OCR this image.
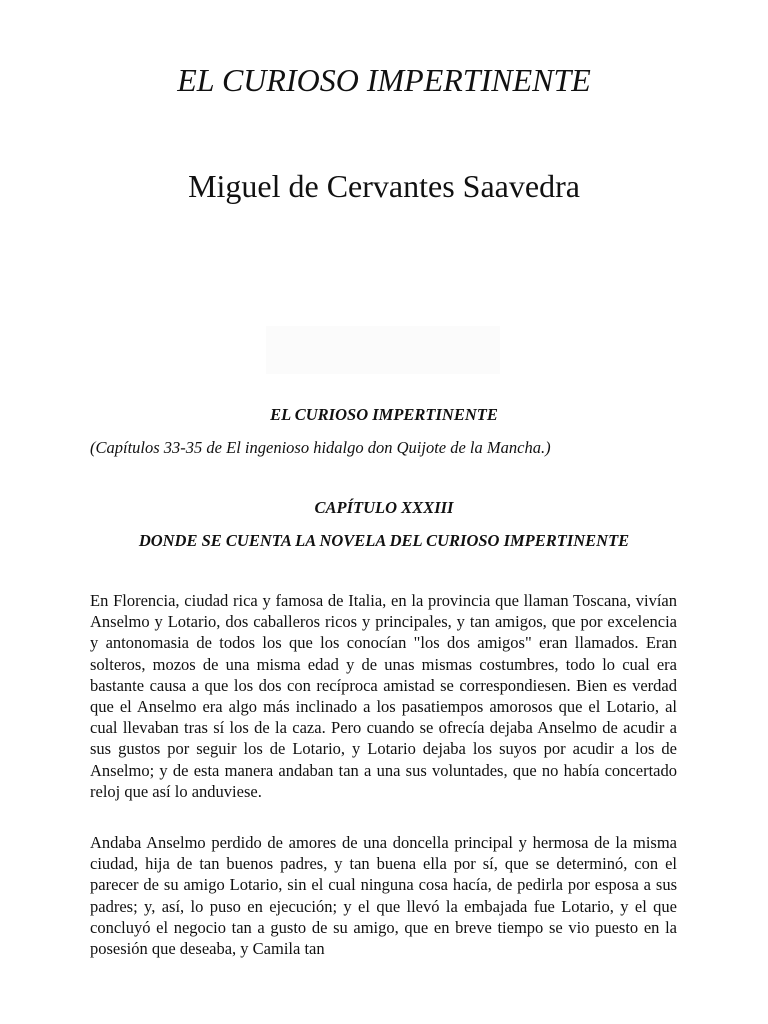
EL CURIOSO IMPERTINENTE
Miguel de Cervantes Saavedra
EL CURIOSO IMPERTINENTE

(Capítulos 33-35 de El ingenioso hidalgo don Quijote de la Mancha.)

CAPÍTULO XXXIII
DONDE SE CUENTA LA NOVELA DEL CURIOSO IMPERTINENTE

En Florencia, ciudad rica y famosa de Italia, en la provincia que llaman Toscana, vivían Anselmo y Lotario, dos caballeros ricos y principales, y tan amigos, que por excelencia y antonomasia de todos los que los conocían "los dos amigos" eran llamados. Eran solteros, mozos de una misma edad y de unas mismas costumbres, todo lo cual era bastante causa a que los dos con recíproca amistad se correspondiesen. Bien es verdad que el Anselmo era algo más inclinado a los pasatiempos amorosos que el Lotario, al cual llevaban tras sí los de la caza. Pero cuando se ofrecía dejaba Anselmo de acudir a sus gustos por seguir los de Lotario, y Lotario dejaba los suyos por acudir a los de Anselmo; y de esta manera andaban tan a una sus voluntades, que no había concertado reloj que así lo anduviese.

Andaba Anselmo perdido de amores de una doncella principal y hermosa de la misma ciudad, hija de tan buenos padres, y tan buena ella por sí, que se determinó, con el parecer de su amigo Lotario, sin el cual ninguna cosa hacía, de pedirla por esposa a sus padres; y, así, lo puso en ejecución; y el que llevó la embajada fue Lotario, y el que concluyó el negocio tan a gusto de su amigo, que en breve tiempo se vio puesto en la posesión que deseaba, y Camila tan
